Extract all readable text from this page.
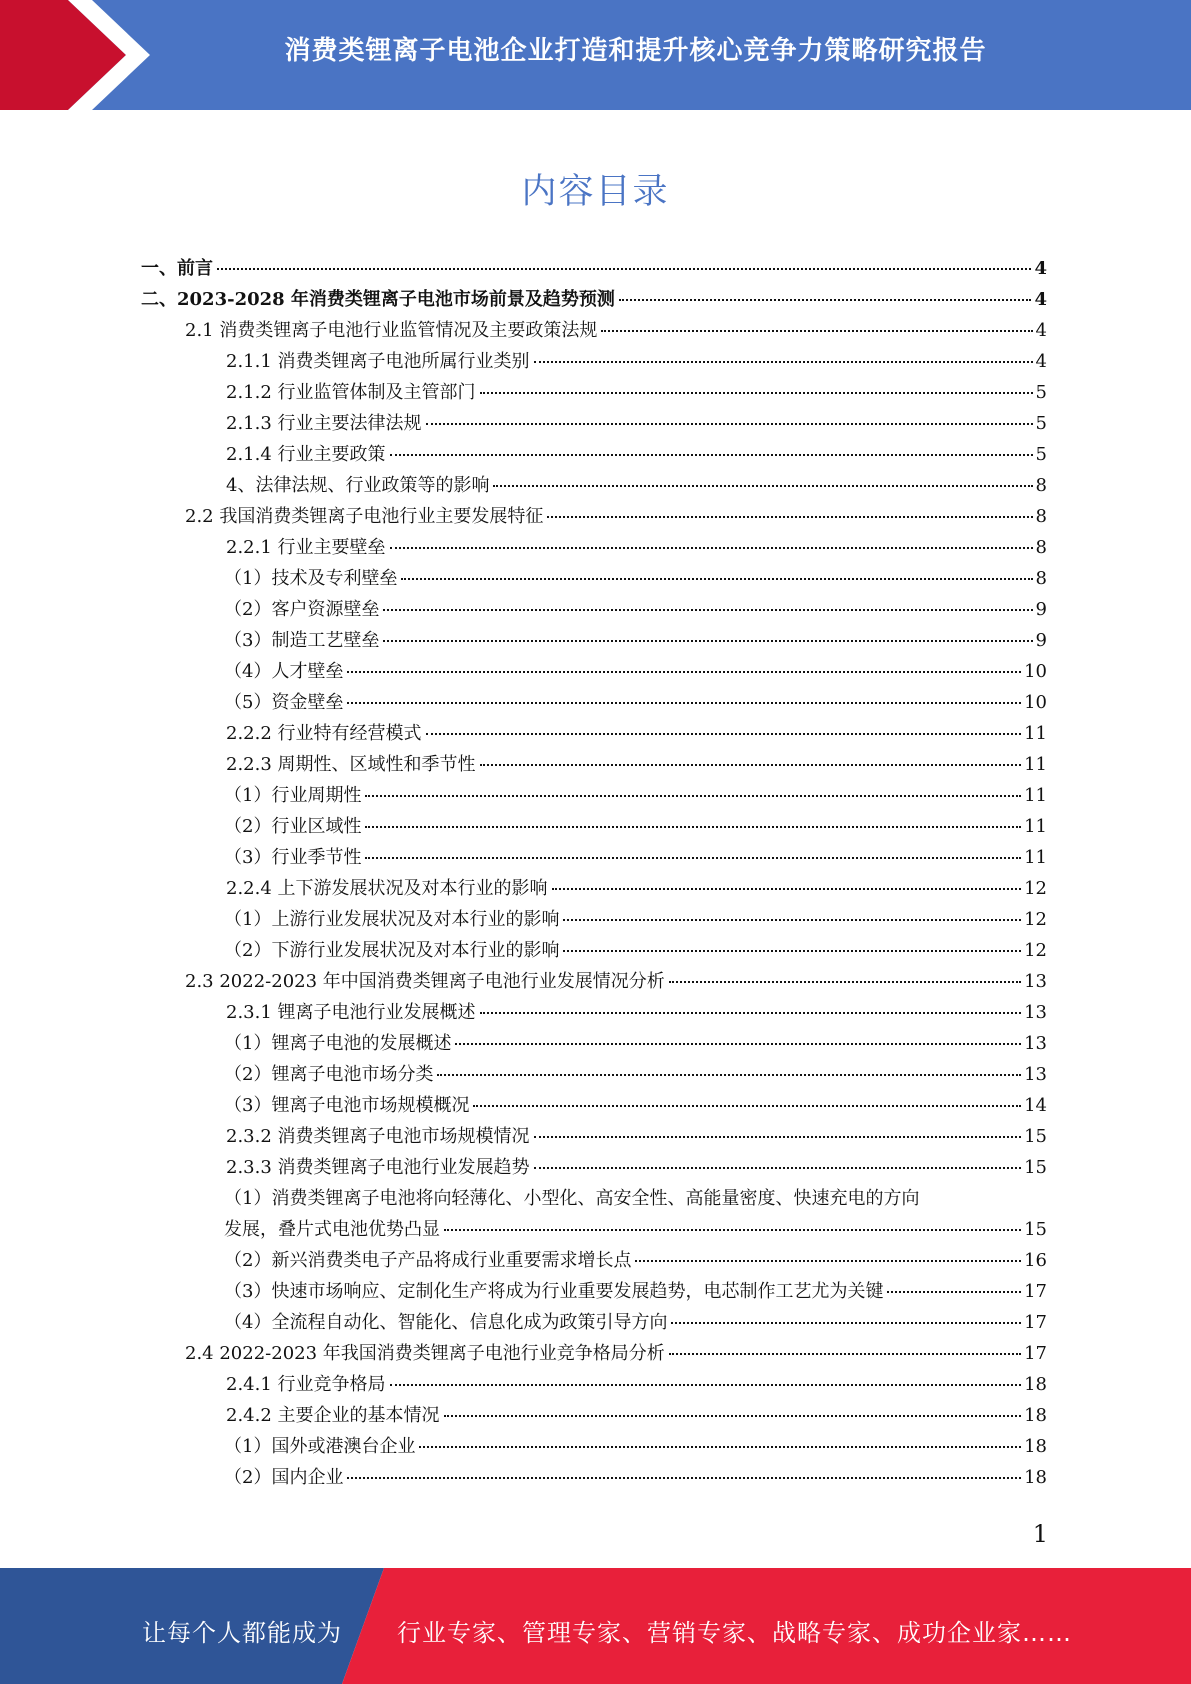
消费类锂离子电池企业打造和提升核心竞争力策略研究报告
内容目录
一、前言	4
二、2023-2028 年消费类锂离子电池市场前景及趋势预测	4
2.1 消费类锂离子电池行业监管情况及主要政策法规	4
2.1.1 消费类锂离子电池所属行业类别	4
2.1.2 行业监管体制及主管部门	5
2.1.3 行业主要法律法规	5
2.1.4 行业主要政策	5
4、法律法规、行业政策等的影响	8
2.2 我国消费类锂离子电池行业主要发展特征	8
2.2.1 行业主要壁垒	8
（1）技术及专利壁垒	8
（2）客户资源壁垒	9
（3）制造工艺壁垒	9
（4）人才壁垒	10
（5）资金壁垒	10
2.2.2 行业特有经营模式	11
2.2.3 周期性、区域性和季节性	11
（1）行业周期性	11
（2）行业区域性	11
（3）行业季节性	11
2.2.4 上下游发展状况及对本行业的影响	12
（1）上游行业发展状况及对本行业的影响	12
（2）下游行业发展状况及对本行业的影响	12
2.3 2022-2023 年中国消费类锂离子电池行业发展情况分析	13
2.3.1 锂离子电池行业发展概述	13
（1）锂离子电池的发展概述	13
（2）锂离子电池市场分类	13
（3）锂离子电池市场规模概况	14
2.3.2 消费类锂离子电池市场规模情况	15
2.3.3 消费类锂离子电池行业发展趋势	15
（1）消费类锂离子电池将向轻薄化、小型化、高安全性、高能量密度、快速充电的方向
发展，叠片式电池优势凸显	15
（2）新兴消费类电子产品将成行业重要需求增长点	16
（3）快速市场响应、定制化生产将成为行业重要发展趋势，电芯制作工艺尤为关键	17
（4）全流程自动化、智能化、信息化成为政策引导方向	17
2.4 2022-2023 年我国消费类锂离子电池行业竞争格局分析	17
2.4.1 行业竞争格局	18
2.4.2 主要企业的基本情况	18
（1）国外或港澳台企业	18
（2）国内企业	18
1
让每个人都能成为 行业专家、管理专家、营销专家、战略专家、成功企业家……
